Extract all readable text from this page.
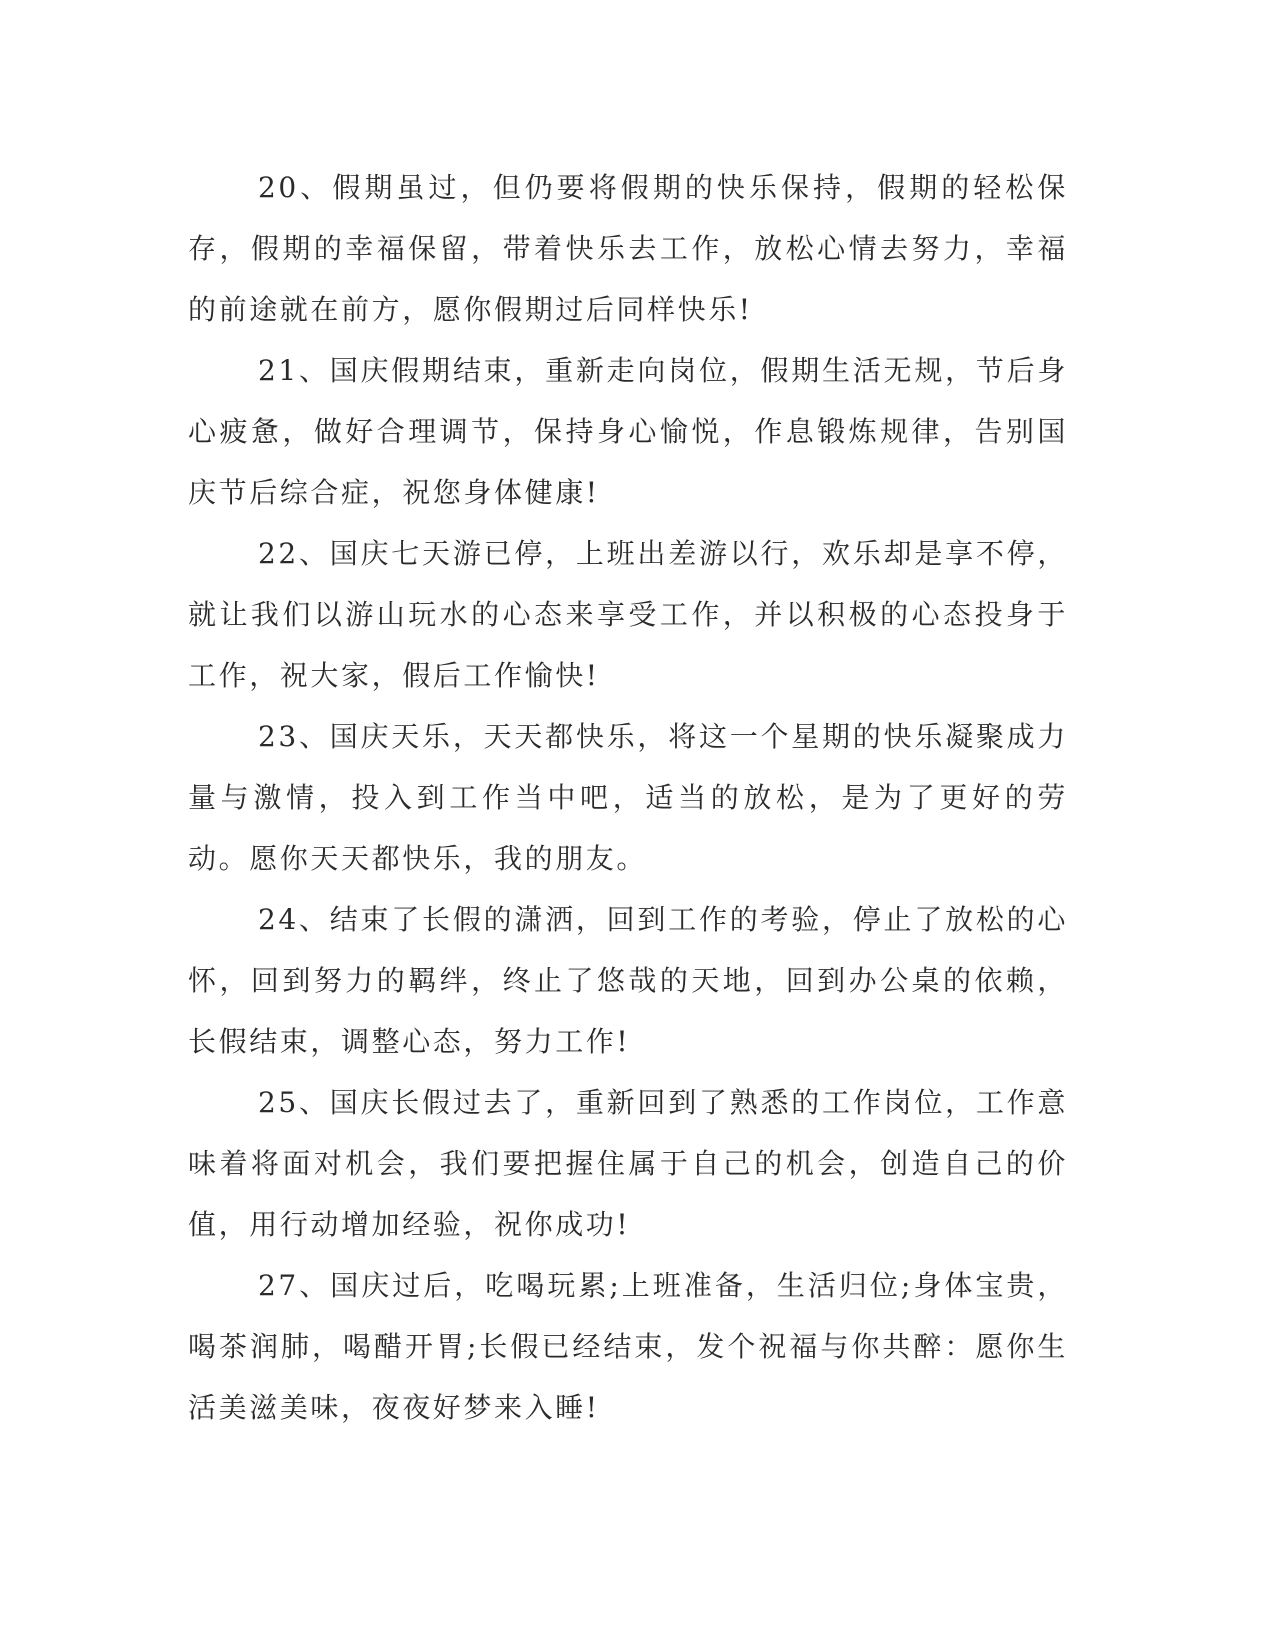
20、假期虽过，但仍要将假期的快乐保持，假期的轻松保存，假期的幸福保留，带着快乐去工作，放松心情去努力，幸福的前途就在前方，愿你假期过后同样快乐!

21、国庆假期结束，重新走向岗位，假期生活无规，节后身心疲惫，做好合理调节，保持身心愉悦，作息锻炼规律，告别国庆节后综合症，祝您身体健康!

22、国庆七天游已停，上班出差游以行，欢乐却是享不停，就让我们以游山玩水的心态来享受工作，并以积极的心态投身于工作，祝大家，假后工作愉快!

23、国庆天乐，天天都快乐，将这一个星期的快乐凝聚成力量与激情，投入到工作当中吧，适当的放松，是为了更好的劳动。愿你天天都快乐，我的朋友。

24、结束了长假的潇洒，回到工作的考验，停止了放松的心怀，回到努力的羁绊，终止了悠哉的天地，回到办公桌的依赖，长假结束，调整心态，努力工作!

25、国庆长假过去了，重新回到了熟悉的工作岗位，工作意味着将面对机会，我们要把握住属于自己的机会，创造自己的价值，用行动增加经验，祝你成功!

27、国庆过后，吃喝玩累;上班准备，生活归位;身体宝贵，喝茶润肺，喝醋开胃;长假已经结束，发个祝福与你共醉：愿你生活美滋美味，夜夜好梦来入睡!
